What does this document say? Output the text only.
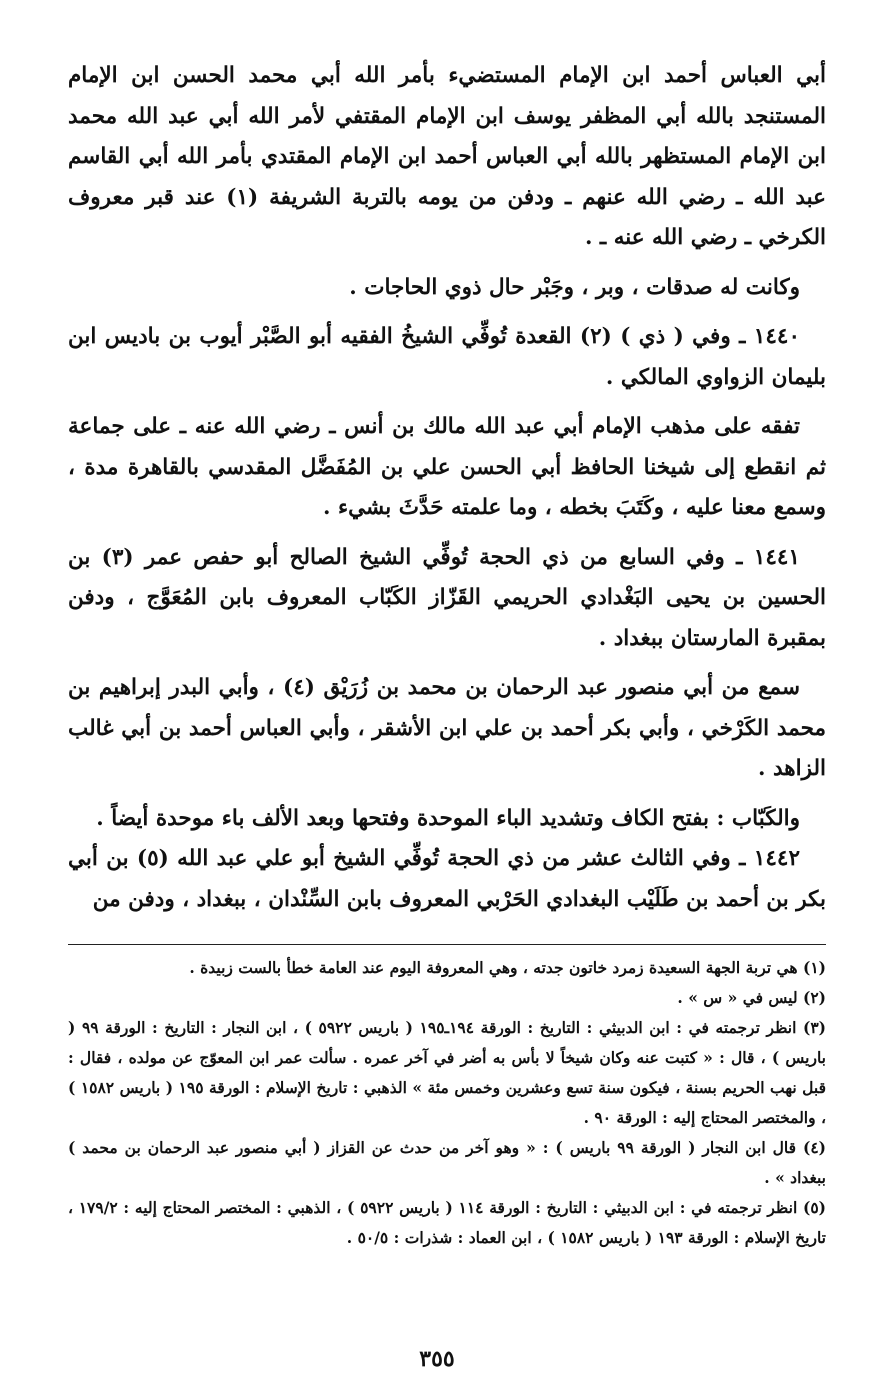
أبي العباس أحمد ابن الإمام المستضيء بأمر الله أبي محمد الحسن ابن الإمام المستنجد بالله أبي المظفر يوسف ابن الإمام المقتفي لأمر الله أبي عبد الله محمد ابن الإمام المستظهر بالله أبي العباس أحمد ابن الإمام المقتدي بأمر الله أبي القاسم عبد الله ـ رضي الله عنهم ـ ودفن من يومه بالتربة الشريفة (١) عند قبر معروف الكرخي ـ رضي الله عنه ـ .

وكانت له صدقات ، وبر ، وجَبْر حال ذوي الحاجات .

١٤٤٠ ـ وفي ( ذي ) (٢) القعدة تُوفِّي الشيخُ الفقيه أبو الصَّبْر أيوب بن باديس ابن بليمان الزواوي المالكي .

تفقه على مذهب الإمام أبي عبد الله مالك بن أنس ـ رضي الله عنه ـ على جماعة ثم انقطع إلى شيخنا الحافظ أبي الحسن علي بن المُفَضَّل المقدسي بالقاهرة مدة ، وسمع معنا عليه ، وكَتَبَ بخطه ، وما علمته حَدَّثَ بشيء .

١٤٤١ ـ وفي السابع من ذي الحجة تُوفِّي الشيخ الصالح أبو حفص عمر (٣) بن الحسين بن يحيى البَغْدادي الحريمي القَزّاز الكَبّاب المعروف بابن المُعَوَّج ، ودفن بمقبرة المارستان ببغداد .

سمع من أبي منصور عبد الرحمان بن محمد بن زُرَيْق (٤) ، وأبي البدر إبراهيم بن محمد الكَرْخي ، وأبي بكر أحمد بن علي ابن الأشقر ، وأبي العباس أحمد بن أبي غالب الزاهد .

والكَبّاب : بفتح الكاف وتشديد الباء الموحدة وفتحها وبعد الألف باء موحدة أيضاً .

١٤٤٢ ـ وفي الثالث عشر من ذي الحجة تُوفِّي الشيخ أبو علي عبد الله (٥) بن أبي بكر بن أحمد بن طَلَيْب البغدادي الحَرْبي المعروف بابن السِّنْدان ، ببغداد ، ودفن من

(١) هي تربة الجهة السعيدة زمرد خاتون جدته ، وهي المعروفة اليوم عند العامة خطأ بالست زبيدة .

(٢) ليس في « س » .

(٣) انظر ترجمته في : ابن الدبيثي : التاريخ : الورقة ١٩٤ـ١٩٥ ( باريس ٥٩٢٢ ) ، ابن النجار : التاريخ : الورقة ٩٩ ( باريس ) ، قال : « كتبت عنه وكان شيخاً لا بأس به أضر في آخر عمره . سألت عمر ابن المعوّج عن مولده ، فقال : قبل نهب الحريم بسنة ، فيكون سنة تسع وعشرين وخمس مئة » الذهبي : تاريخ الإسلام : الورقة ١٩٥ ( باريس ١٥٨٢ ) ، والمختصر المحتاج إليه : الورقة ٩٠ .

(٤) قال ابن النجار ( الورقة ٩٩ باريس ) : « وهو آخر من حدث عن القزاز ( أبي منصور عبد الرحمان بن محمد ) ببغداد » .

(٥) انظر ترجمته في : ابن الدبيثي : التاريخ : الورقة ١١٤ ( باريس ٥٩٢٢ ) ، الذهبي : المختصر المحتاج إليه : ١٧٩/٢ ، تاريخ الإسلام : الورقة ١٩٣ ( باريس ١٥٨٢ ) ، ابن العماد : شذرات : ٥٠/٥ .

٣٥٥
